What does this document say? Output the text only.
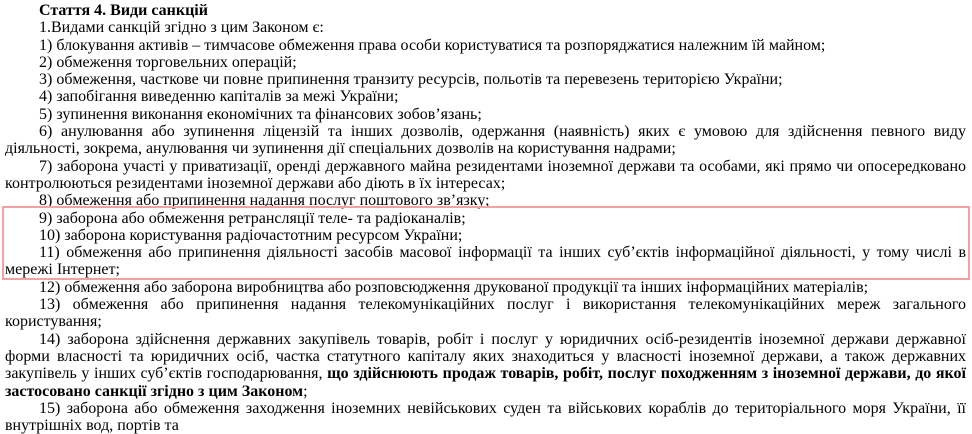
Стаття 4. Види санкцій

1.Видами санкцій згідно з цим Законом є:

1) блокування активів – тимчасове обмеження права особи користуватися та розпоряджатися належним їй майном;

2) обмеження торговельних операцій;

3) обмеження, часткове чи повне припинення транзиту ресурсів, польотів та перевезень територією України;

4) запобігання виведенню капіталів за межі України;

5) зупинення виконання економічних та фінансових зобов’язань;

6) анулювання або зупинення ліцензій та інших дозволів, одержання (наявність) яких є умовою для здійснення певного виду діяльності, зокрема, анулювання чи зупинення дії спеціальних дозволів на користування надрами;

7) заборона участі у приватизації, оренді державного майна резидентами іноземної держави та особами, які прямо чи опосередковано контролюються резидентами іноземної держави або діють в їх інтересах;

8) обмеження або припинення надання послуг поштового зв’язку;

9) заборона або обмеження ретрансляції теле- та радіоканалів;

10) заборона користування радіочастотним ресурсом України;

11) обмеження або припинення діяльності засобів масової інформації та інших суб’єктів інформаційної діяльності, у тому числі в мережі Інтернет;

12) обмеження або заборона виробництва або розповсюдження друкованої продукції та інших інформаційних матеріалів;

13) обмеження або припинення надання телекомунікаційних послуг і використання телекомунікаційних мереж загального користування;

14) заборона здійснення державних закупівель товарів, робіт і послуг у юридичних осіб-резидентів іноземної держави державної форми власності та юридичних осіб, частка статутного капіталу яких знаходиться у власності іноземної держави, а також державних закупівель у інших суб’єктів господарювання, що здійснюють продаж товарів, робіт, послуг походженням з іноземної держави, до якої застосовано санкції згідно з цим Законом;

15) заборона або обмеження заходження іноземних невійськових суден та військових кораблів до територіального моря України, її внутрішніх вод, портів та
